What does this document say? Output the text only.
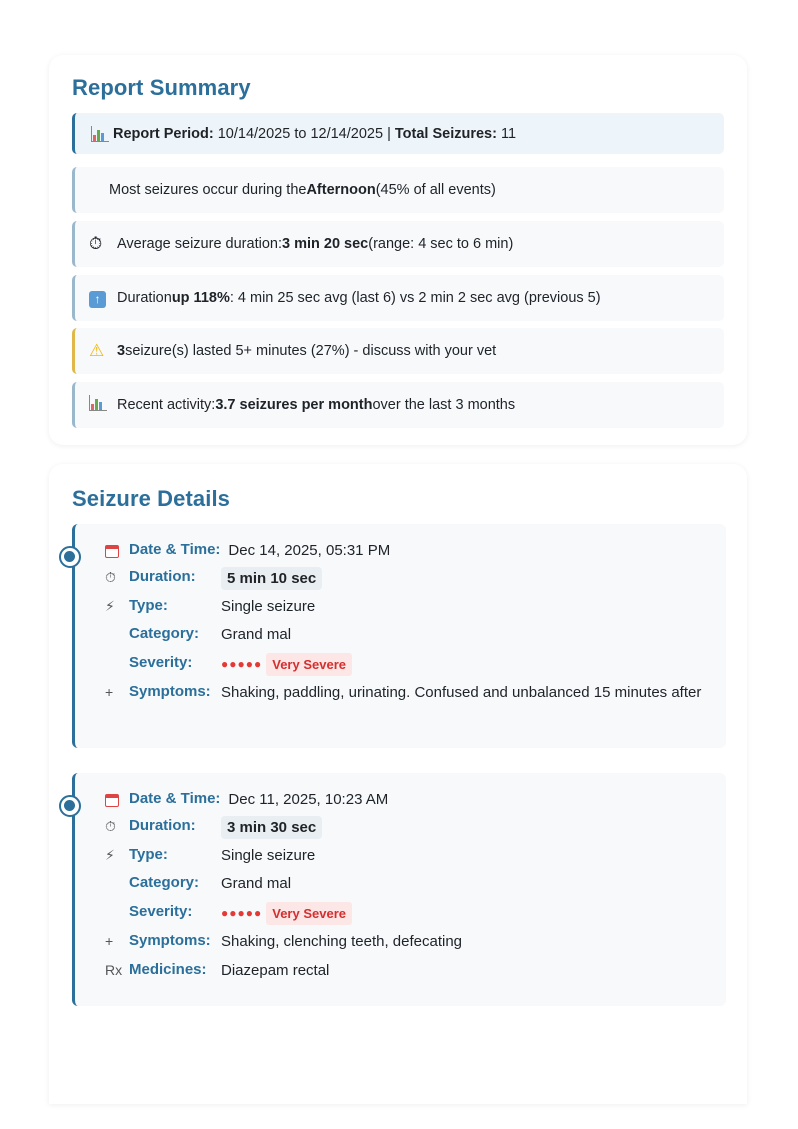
Report Summary
Report Period:
10/14/2025 to 12/14/2025
|
Total Seizures:
11
Most seizures occur during the Afternoon (45% of all events)
⏱	Average seizure duration: 3 min 20 sec (range: 4 sec to 6 min)
↑	Duration up 118% : 4 min 25 sec avg (last 6) vs 2 min 2 sec avg (previous 5)
⚠ 3 seizure(s) lasted 5+ minutes (27%) - discuss with your vet
Recent activity: 3.7 seizures per month over the last 3 months
Seizure Details
Date & Time: Dec 14, 2025, 05:31 PM
⏱ Duration:	5 min 10 sec
⚡ Type:	Single seizure
Category:	Grand mal
Severity:	●●●●● Very Severe
+	Symptoms: Shaking, paddling, urinating. Confused and unbalanced 15 minutes after
Date & Time: Dec 11, 2025, 10:23 AM
⏱ Duration:	3 min 30 sec
⚡ Type:	Single seizure
Category:	Grand mal
Severity:	●●●●● Very Severe
+	Symptoms: Shaking, clenching teeth, defecating
Rx Medicines: Diazepam rectal
